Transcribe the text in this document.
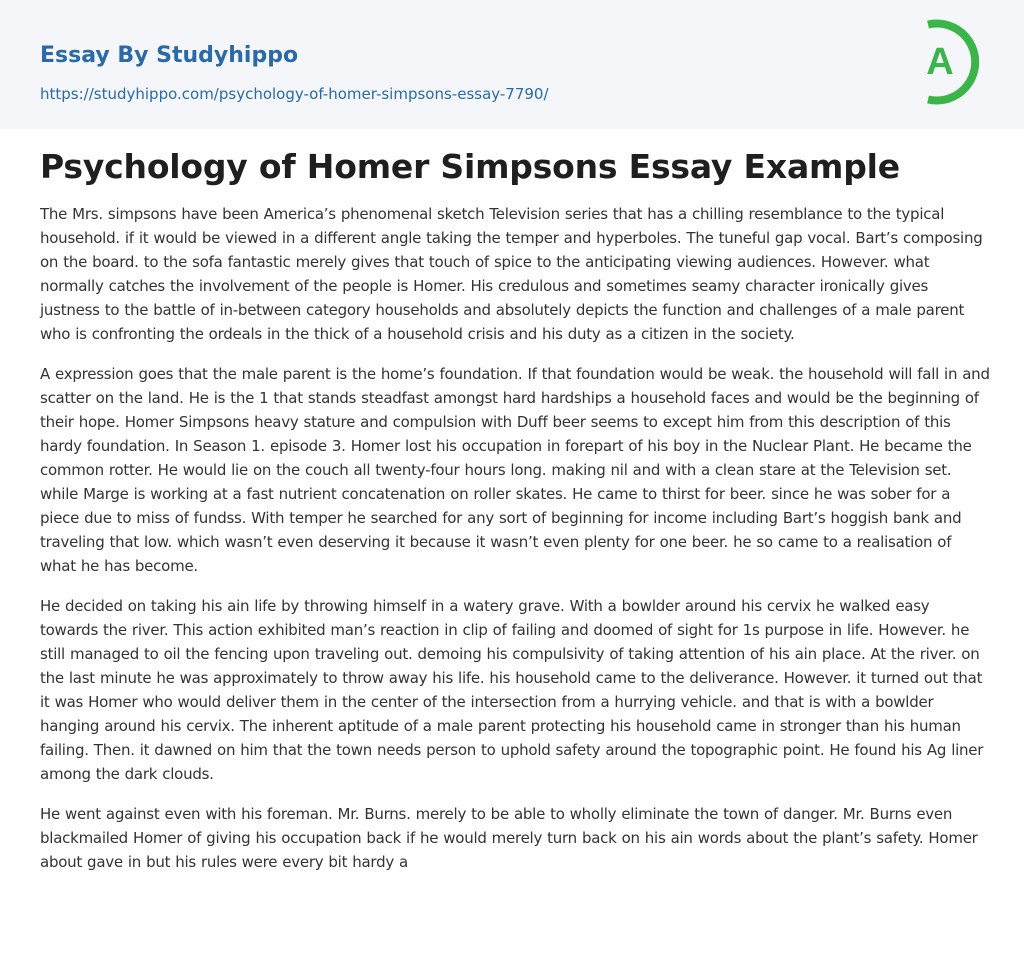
Essay By Studyhippo
https://studyhippo.com/psychology-of-homer-simpsons-essay-7790/
A
Psychology of Homer Simpsons Essay Example

The Mrs. simpsons have been America’s phenomenal sketch Television series that has a chilling resemblance to the typical household. if it would be viewed in a different angle taking the temper and hyperboles. The tuneful gap vocal. Bart’s composing on the board. to the sofa fantastic merely gives that touch of spice to the anticipating viewing audiences. However. what normally catches the involvement of the people is Homer. His credulous and sometimes seamy character ironically gives justness to the battle of in-between category households and absolutely depicts the function and challenges of a male parent who is confronting the ordeals in the thick of a household crisis and his duty as a citizen in the society.

A expression goes that the male parent is the home’s foundation. If that foundation would be weak. the household will fall in and scatter on the land. He is the 1 that stands steadfast amongst hard hardships a household faces and would be the beginning of their hope. Homer Simpsons heavy stature and compulsion with Duff beer seems to except him from this description of this hardy foundation. In Season 1. episode 3. Homer lost his occupation in forepart of his boy in the Nuclear Plant. He became the common rotter. He would lie on the couch all twenty-four hours long. making nil and with a clean stare at the Television set. while Marge is working at a fast nutrient concatenation on roller skates. He came to thirst for beer. since he was sober for a piece due to miss of fundss. With temper he searched for any sort of beginning for income including Bart’s hoggish bank and traveling that low. which wasn’t even deserving it because it wasn’t even plenty for one beer. he so came to a realisation of what he has become.

He decided on taking his ain life by throwing himself in a watery grave. With a bowlder around his cervix he walked easy towards the river. This action exhibited man’s reaction in clip of failing and doomed of sight for 1s purpose in life. However. he still managed to oil the fencing upon traveling out. demoing his compulsivity of taking attention of his ain place. At the river. on the last minute he was approximately to throw away his life. his household came to the deliverance. However. it turned out that it was Homer who would deliver them in the center of the intersection from a hurrying vehicle. and that is with a bowlder hanging around his cervix. The inherent aptitude of a male parent protecting his household came in stronger than his human failing. Then. it dawned on him that the town needs person to uphold safety around the topographic point. He found his Ag liner among the dark clouds.

He went against even with his foreman. Mr. Burns. merely to be able to wholly eliminate the town of danger. Mr. Burns even blackmailed Homer of giving his occupation back if he would merely turn back on his ain words about the plant’s safety. Homer about gave in but his rules were every bit hardy a
